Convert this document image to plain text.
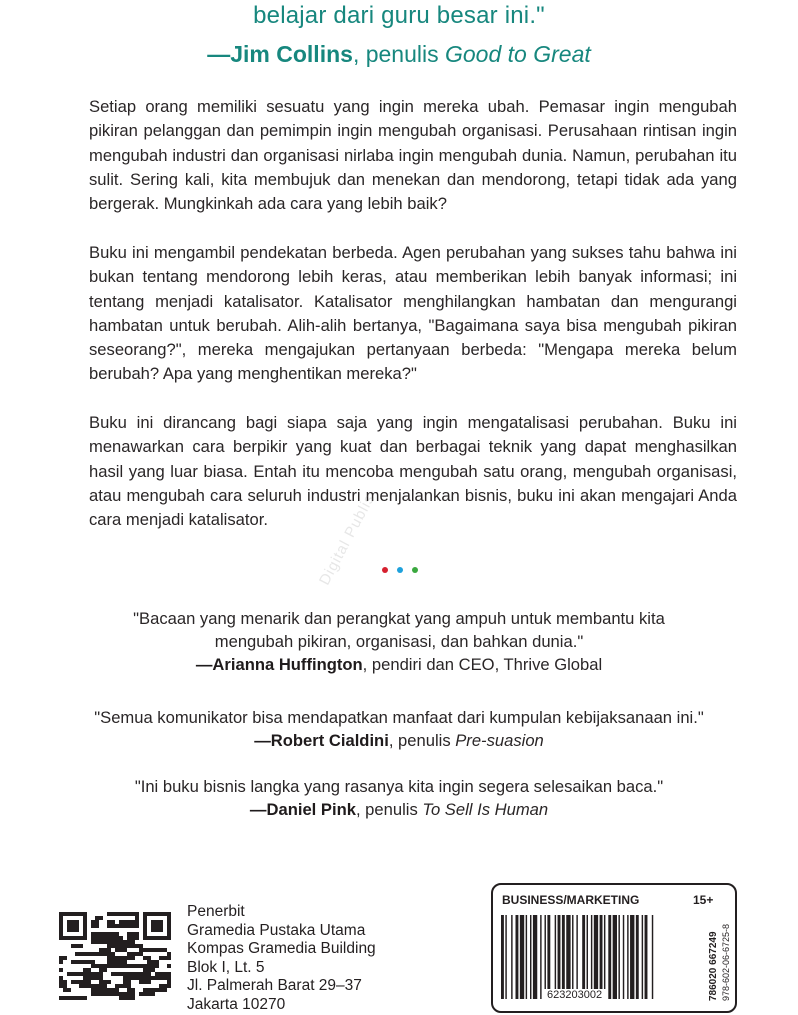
belajar dari guru besar ini."
—Jim Collins, penulis Good to Great

Setiap orang memiliki sesuatu yang ingin mereka ubah. Pemasar ingin mengubah pikiran pelanggan dan pemimpin ingin mengubah organisasi. Perusahaan rintisan ingin mengubah industri dan organisasi nirlaba ingin mengubah dunia. Namun, perubahan itu sulit. Sering kali, kita membujuk dan menekan dan mendorong, tetapi tidak ada yang bergerak. Mungkinkah ada cara yang lebih baik?

Buku ini mengambil pendekatan berbeda. Agen perubahan yang sukses tahu bahwa ini bukan tentang mendorong lebih keras, atau memberikan lebih banyak informasi; ini tentang menjadi katalisator. Katalisator menghilangkan hambatan dan mengurangi hambatan untuk berubah. Alih-alih bertanya, "Bagaimana saya bisa mengubah pikiran seseorang?", mereka mengajukan pertanyaan berbeda: "Mengapa mereka belum berubah? Apa yang menghentikan mereka?"

Buku ini dirancang bagi siapa saja yang ingin mengatalisasi perubahan. Buku ini menawarkan cara berpikir yang kuat dan berbagai teknik yang dapat menghasilkan hasil yang luar biasa. Entah itu mencoba mengubah satu orang, mengubah organisasi, atau mengubah cara seluruh industri menjalankan bisnis, buku ini akan mengajari Anda cara menjadi katalisator.	Digital Publis

"Bacaan yang menarik dan perangkat yang ampuh untuk membantu kita

mengubah pikiran, organisasi, dan bahkan dunia."

—Arianna Huffington, pendiri dan CEO, Thrive Global

"Semua komunikator bisa mendapatkan manfaat dari kumpulan kebijaksanaan ini."

—Robert Cialdini, penulis Pre-suasion

"Ini buku bisnis langka yang rasanya kita ingin segera selesaikan baca."

—Daniel Pink, penulis To Sell Is Human

Penerbit
Gramedia Pustaka Utama
Kompas Gramedia Building
Blok I, Lt. 5
Jl. Palmerah Barat 29–37
Jakarta 10270
BUSINESS/MARKETING	15+
623203002	786020 667249 978-602-06-6725-8
